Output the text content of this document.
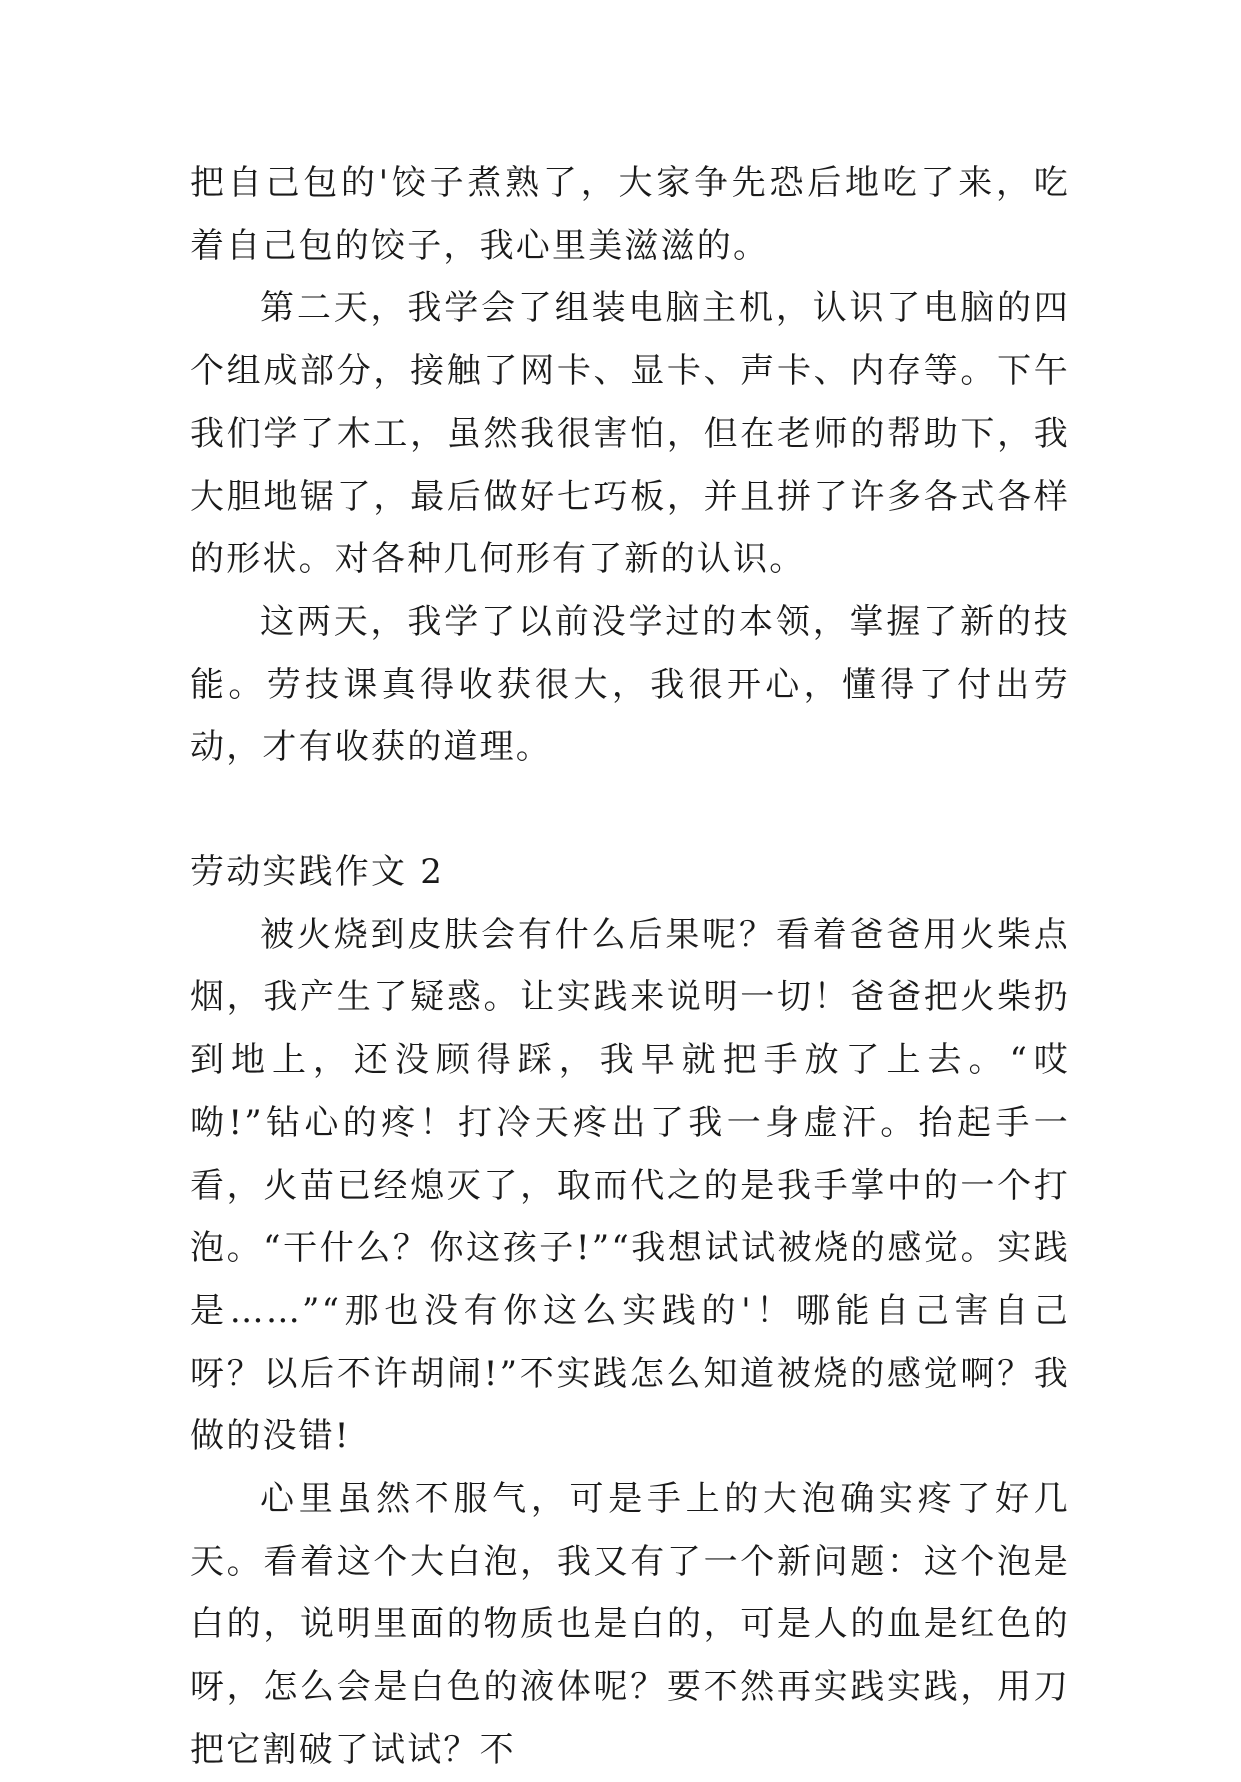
把自己包的'饺子煮熟了，大家争先恐后地吃了来，吃着自己包的饺子，我心里美滋滋的。

第二天，我学会了组装电脑主机，认识了电脑的四个组成部分，接触了网卡、显卡、声卡、内存等。下午我们学了木工，虽然我很害怕，但在老师的帮助下，我大胆地锯了，最后做好七巧板，并且拼了许多各式各样的形状。对各种几何形有了新的认识。

这两天，我学了以前没学过的本领，掌握了新的技能。劳技课真得收获很大，我很开心，懂得了付出劳动，才有收获的道理。

劳动实践作文 2

被火烧到皮肤会有什么后果呢？看着爸爸用火柴点烟，我产生了疑惑。让实践来说明一切！爸爸把火柴扔到地上，还没顾得踩，我早就把手放了上去。“哎呦!”钻心的疼！打冷天疼出了我一身虚汗。抬起手一看，火苗已经熄灭了，取而代之的是我手掌中的一个打泡。“干什么？你这孩子!”“我想试试被烧的感觉。实践是……”“那也没有你这么实践的'！哪能自己害自己呀？以后不许胡闹!”不实践怎么知道被烧的感觉啊？我做的没错!

心里虽然不服气，可是手上的大泡确实疼了好几天。看着这个大白泡，我又有了一个新问题：这个泡是白的，说明里面的物质也是白的，可是人的血是红色的呀，怎么会是白色的液体呢？要不然再实践实践，用刀把它割破了试试？不
